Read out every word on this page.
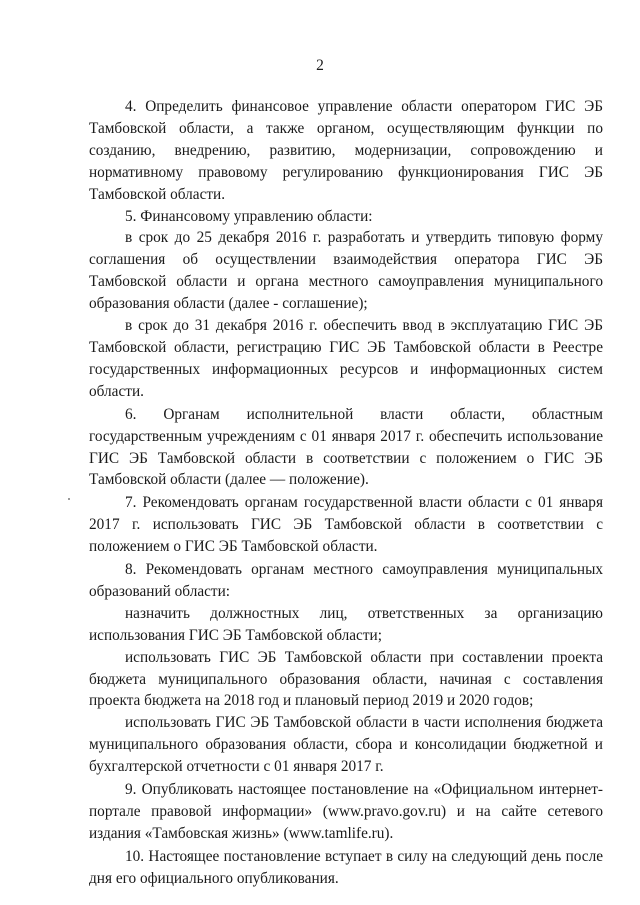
2

4. Определить финансовое управление области оператором ГИС ЭБ Тамбовской области, а также органом, осуществляющим функции по созданию, внедрению, развитию, модернизации, сопровождению и нормативному правовому регулированию функционирования ГИС ЭБ Тамбовской области.

5. Финансовому управлению области:

в срок до 25 декабря 2016 г. разработать и утвердить типовую форму соглашения об осуществлении взаимодействия оператора ГИС ЭБ Тамбовской области и органа местного самоуправления муниципального образования области (далее - соглашение);

в срок до 31 декабря 2016 г. обеспечить ввод в эксплуатацию ГИС ЭБ Тамбовской области, регистрацию ГИС ЭБ Тамбовской области в Реестре государственных информационных ресурсов и информационных систем области.

6. Органам исполнительной власти области, областным государственным учреждениям с 01 января 2017 г. обеспечить использование ГИС ЭБ Тамбовской области в соответствии с положением о ГИС ЭБ Тамбовской области (далее — положение).

7. Рекомендовать органам государственной власти области с 01 января 2017 г. использовать ГИС ЭБ Тамбовской области в соответствии с положением о ГИС ЭБ Тамбовской области.

8. Рекомендовать органам местного самоуправления муниципальных образований области:

назначить должностных лиц, ответственных за организацию использования ГИС ЭБ Тамбовской области;

использовать ГИС ЭБ Тамбовской области при составлении проекта бюджета муниципального образования области, начиная с составления проекта бюджета на 2018 год и плановый период 2019 и 2020 годов;

использовать ГИС ЭБ Тамбовской области в части исполнения бюджета муниципального образования области, сбора и консолидации бюджетной и бухгалтерской отчетности с 01 января 2017 г.

9. Опубликовать настоящее постановление на «Официальном интернет-портале правовой информации» (www.pravo.gov.ru) и на сайте сетевого издания «Тамбовская жизнь» (www.tamlife.ru).

10. Настоящее постановление вступает в силу на следующий день после дня его официального опубликования.
